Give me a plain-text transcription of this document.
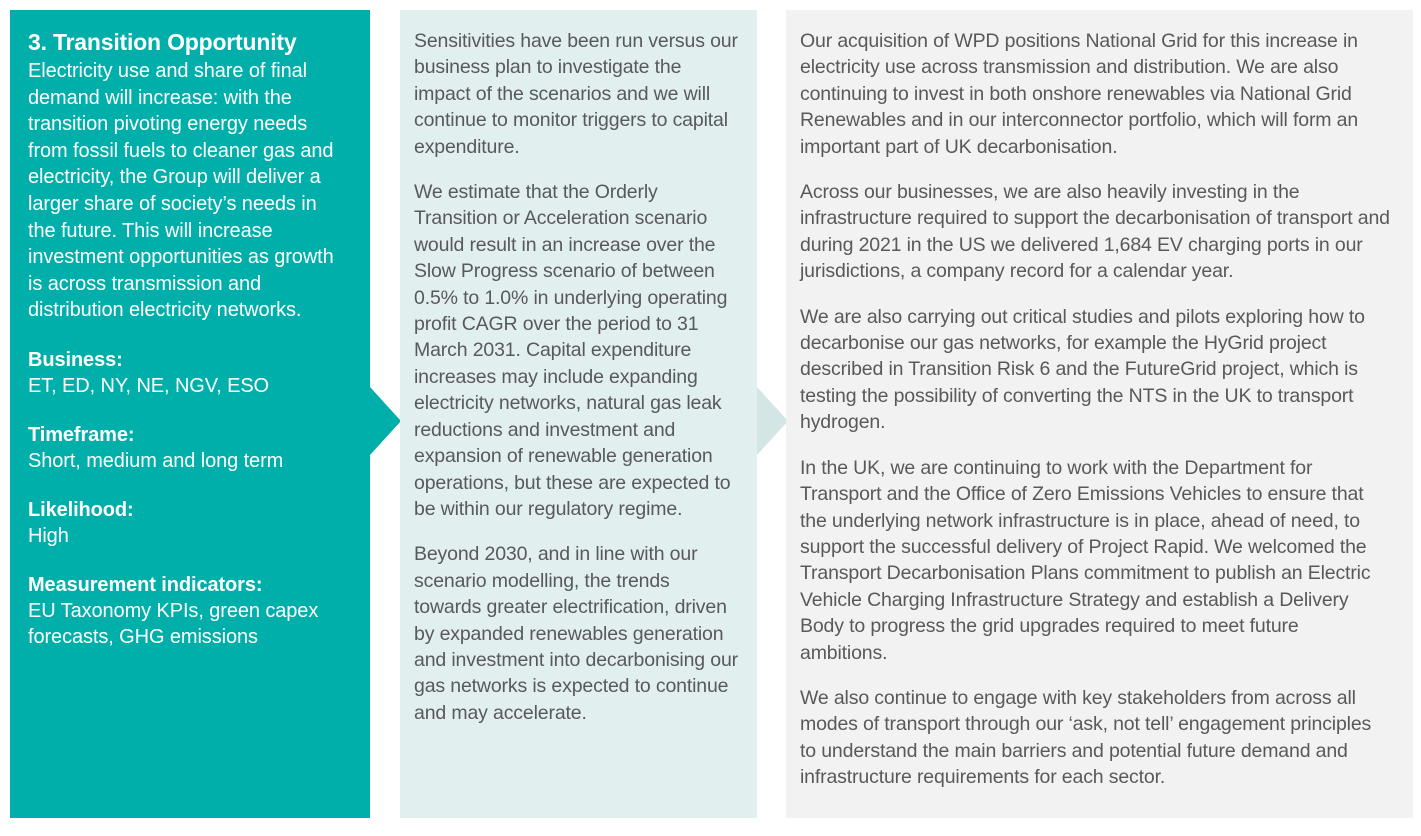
3. Transition Opportunity

Electricity use and share of final demand will increase: with the transition pivoting energy needs from fossil fuels to cleaner gas and electricity, the Group will deliver a larger share of society’s needs in the future. This will increase investment opportunities as growth is across transmission and distribution electricity networks.

Business:
ET, ED, NY, NE, NGV, ESO
Timeframe:
Short, medium and long term
Likelihood:
High
Measurement indicators:
EU Taxonomy KPIs, green capex forecasts, GHG emissions

Sensitivities have been run versus our business plan to investigate the impact of the scenarios and we will continue to monitor triggers to capital expenditure.

We estimate that the Orderly Transition or Acceleration scenario would result in an increase over the Slow Progress scenario of between 0.5% to 1.0% in underlying operating profit CAGR over the period to 31 March 2031. Capital expenditure increases may include expanding electricity networks, natural gas leak reductions and investment and expansion of renewable generation operations, but these are expected to be within our regulatory regime.

Beyond 2030, and in line with our scenario modelling, the trends towards greater electrification, driven by expanded renewables generation and investment into decarbonising our gas networks is expected to continue and may accelerate.

Our acquisition of WPD positions National Grid for this increase in electricity use across transmission and distribution. We are also continuing to invest in both onshore renewables via National Grid Renewables and in our interconnector portfolio, which will form an important part of UK decarbonisation.

Across our businesses, we are also heavily investing in the infrastructure required to support the decarbonisation of transport and during 2021 in the US we delivered 1,684 EV charging ports in our jurisdictions, a company record for a calendar year.

We are also carrying out critical studies and pilots exploring how to decarbonise our gas networks, for example the HyGrid project described in Transition Risk 6 and the FutureGrid project, which is testing the possibility of converting the NTS in the UK to transport hydrogen.

In the UK, we are continuing to work with the Department for Transport and the Office of Zero Emissions Vehicles to ensure that the underlying network infrastructure is in place, ahead of need, to support the successful delivery of Project Rapid. We welcomed the Transport Decarbonisation Plans commitment to publish an Electric Vehicle Charging Infrastructure Strategy and establish a Delivery Body to progress the grid upgrades required to meet future ambitions.

We also continue to engage with key stakeholders from across all modes of transport through our ‘ask, not tell’ engagement principles to understand the main barriers and potential future demand and infrastructure requirements for each sector.
